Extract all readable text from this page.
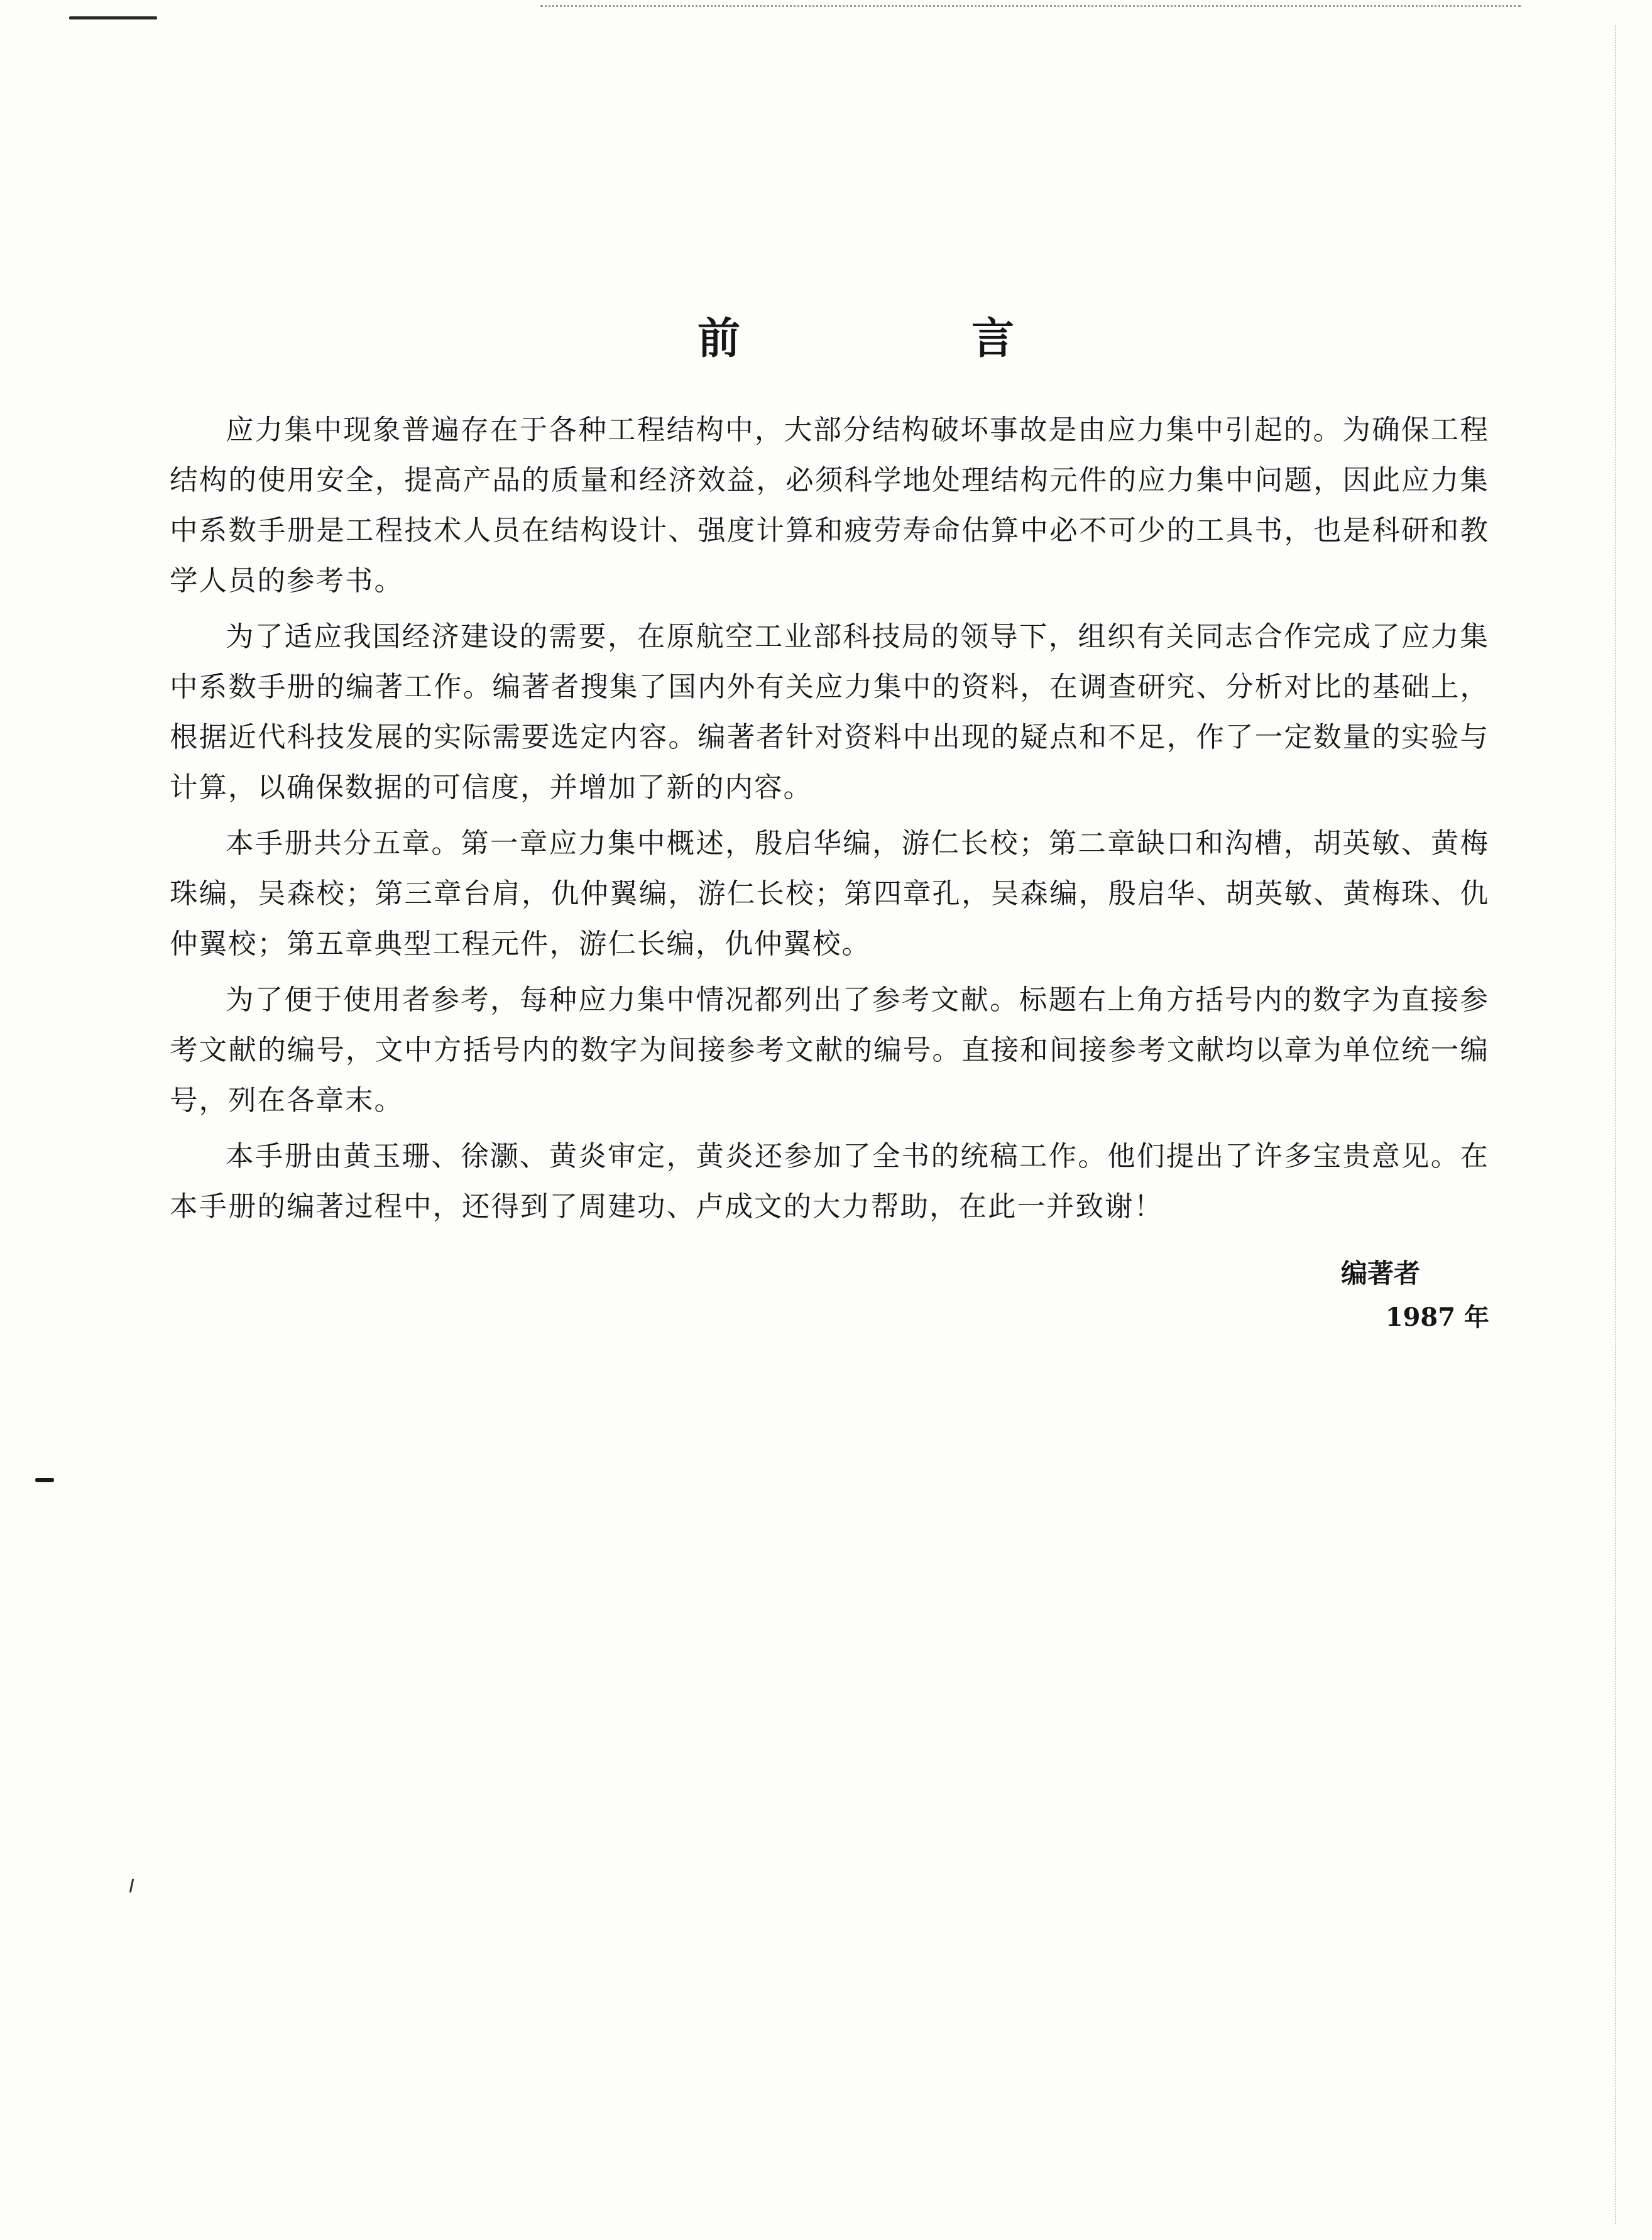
前　言

应力集中现象普遍存在于各种工程结构中，大部分结构破坏事故是由应力集中引起的。为确保工程结构的使用安全，提高产品的质量和经济效益，必须科学地处理结构元件的应力集中问题，因此应力集中系数手册是工程技术人员在结构设计、强度计算和疲劳寿命估算中必不可少的工具书，也是科研和教学人员的参考书。

为了适应我国经济建设的需要，在原航空工业部科技局的领导下，组织有关同志合作完成了应力集中系数手册的编著工作。编著者搜集了国内外有关应力集中的资料，在调查研究、分析对比的基础上，根据近代科技发展的实际需要选定内容。编著者针对资料中出现的疑点和不足，作了一定数量的实验与计算，以确保数据的可信度，并增加了新的内容。

本手册共分五章。第一章应力集中概述，殷启华编，游仁长校；第二章缺口和沟槽，胡英敏、黄梅珠编，吴森校；第三章台肩，仇仲翼编，游仁长校；第四章孔，吴森编，殷启华、胡英敏、黄梅珠、仇仲翼校；第五章典型工程元件，游仁长编，仇仲翼校。

为了便于使用者参考，每种应力集中情况都列出了参考文献。标题右上角方括号内的数字为直接参考文献的编号，文中方括号内的数字为间接参考文献的编号。直接和间接参考文献均以章为单位统一编号，列在各章末。

本手册由黄玉珊、徐灏、黄炎审定，黄炎还参加了全书的统稿工作。他们提出了许多宝贵意见。在本手册的编著过程中，还得到了周建功、卢成文的大力帮助，在此一并致谢！

编著者
1987 年
